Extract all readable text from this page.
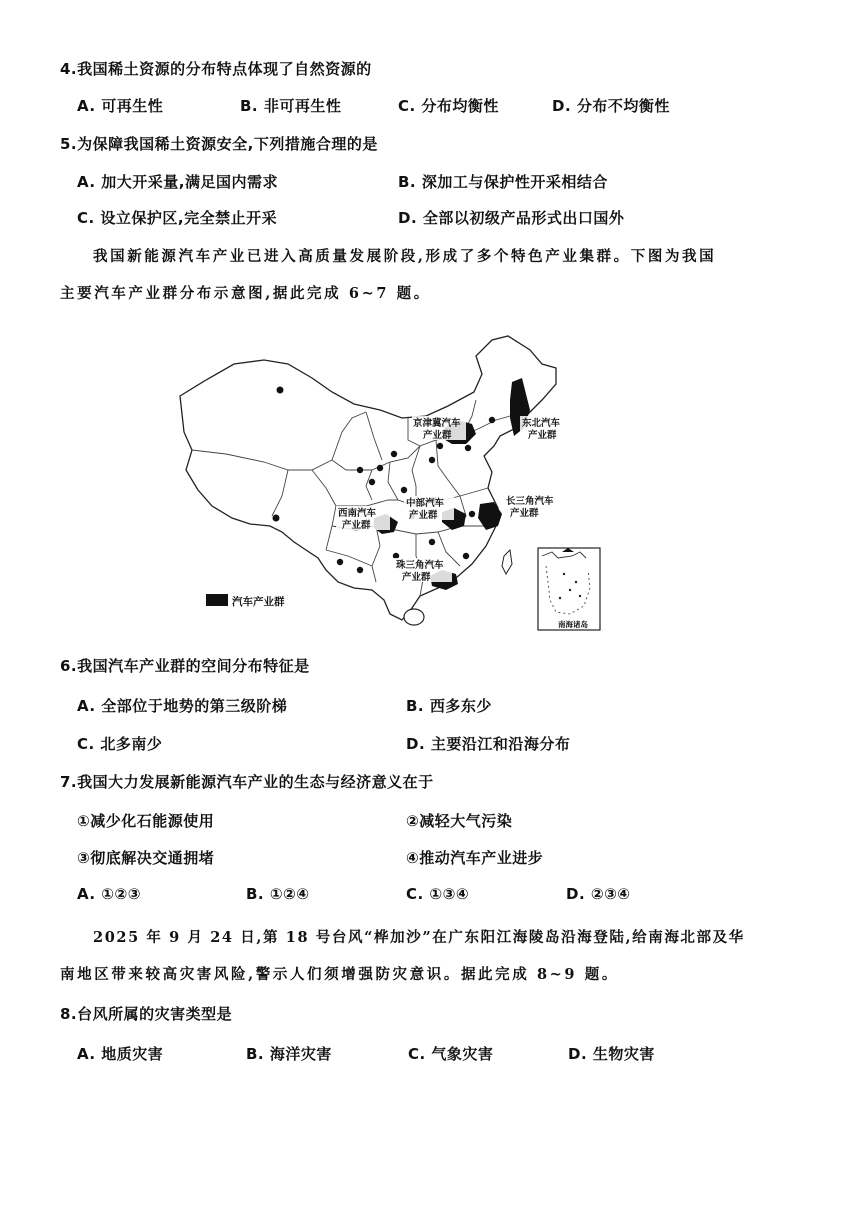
4.我国稀土资源的分布特点体现了自然资源的
A. 可再生性	B. 非可再生性	C. 分布均衡性	D. 分布不均衡性
5.为保障我国稀土资源安全,下列措施合理的是
A. 加大开采量,满足国内需求	B. 深加工与保护性开采相结合
C. 设立保护区,完全禁止开采	D. 全部以初级产品形式出口国外
我国新能源汽车产业已进入高质量发展阶段,形成了多个特色产业集群。下图为我国
主要汽车产业群分布示意图,据此完成 6~7 题。
京津冀汽车
产业群
东北汽车
产业群
长三角汽车
产业群
中部汽车
产业群
西南汽车
产业群
珠三角汽车
产业群
汽车产业群
南海诸岛
6.我国汽车产业群的空间分布特征是
A. 全部位于地势的第三级阶梯	B. 西多东少
C. 北多南少	D. 主要沿江和沿海分布
7.我国大力发展新能源汽车产业的生态与经济意义在于
①减少化石能源使用	②减轻大气污染
③彻底解决交通拥堵	④推动汽车产业进步
A. ①②③	B. ①②④	C. ①③④	D. ②③④
2025 年 9 月 24 日,第 18 号台风“桦加沙”在广东阳江海陵岛沿海登陆,给南海北部及华
南地区带来较高灾害风险,警示人们须增强防灾意识。据此完成 8~9 题。
8.台风所属的灾害类型是
A. 地质灾害	B. 海洋灾害	C. 气象灾害	D. 生物灾害
